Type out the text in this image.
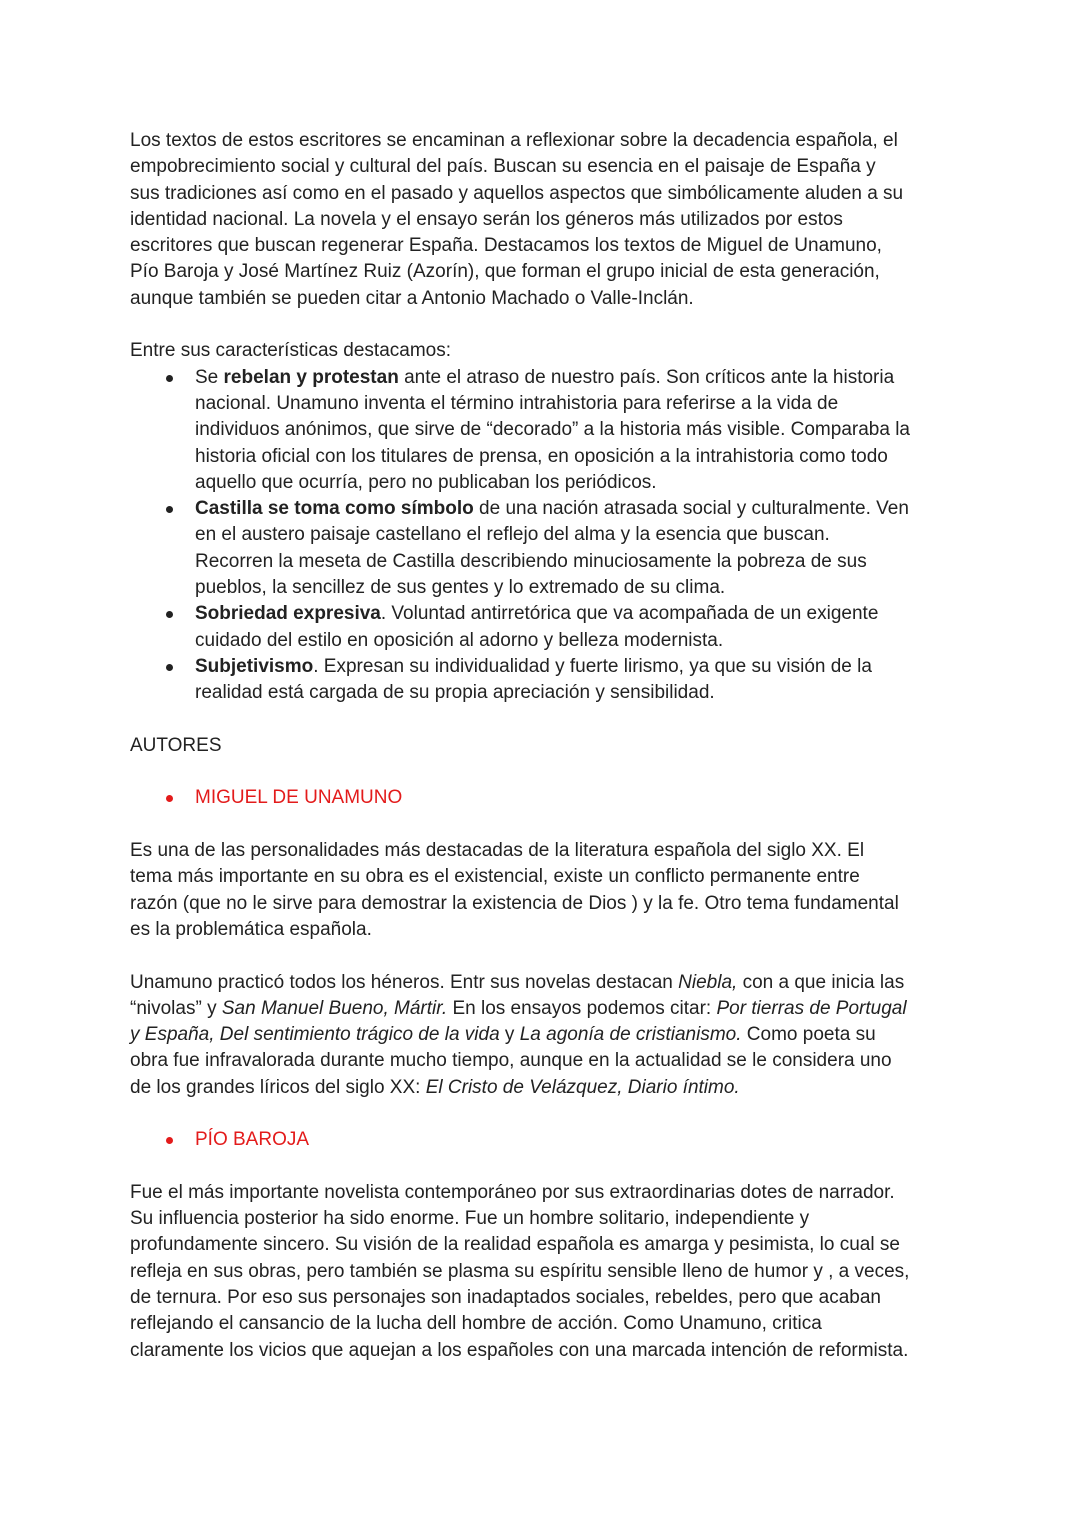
Los textos de estos escritores se encaminan a reflexionar sobre la decadencia española, el
empobrecimiento social y cultural del país. Buscan su esencia en el paisaje de España y
sus tradiciones así como en el pasado y aquellos aspectos que simbólicamente aluden a su
identidad nacional. La novela y el ensayo serán los géneros más utilizados por estos
escritores que buscan regenerar España. Destacamos los textos de Miguel de Unamuno,
Pío Baroja y José Martínez Ruiz (Azorín), que forman el grupo inicial de esta generación,
aunque también se pueden citar a Antonio Machado o Valle-Inclán.

Entre sus características destacamos:

Se rebelan y protestan ante el atraso de nuestro país. Son críticos ante la historia
nacional. Unamuno inventa el término intrahistoria para referirse a la vida de
individuos anónimos, que sirve de “decorado” a la historia más visible. Comparaba la
historia oficial con los titulares de prensa, en oposición a la intrahistoria como todo
aquello que ocurría, pero no publicaban los periódicos.
Castilla se toma como símbolo de una nación atrasada social y culturalmente. Ven
en el austero paisaje castellano el reflejo del alma y la esencia que buscan.
Recorren la meseta de Castilla describiendo minuciosamente la pobreza de sus
pueblos, la sencillez de sus gentes y lo extremado de su clima.
Sobriedad expresiva. Voluntad antirretórica que va acompañada de un exigente
cuidado del estilo en oposición al adorno y belleza modernista.
Subjetivismo. Expresan su individualidad y fuerte lirismo, ya que su visión de la
realidad está cargada de su propia apreciación y sensibilidad.

AUTORES

MIGUEL DE UNAMUNO

Es una de las personalidades más destacadas de la literatura española del siglo XX. El
tema más importante en su obra es el existencial, existe un conflicto permanente entre
razón (que no le sirve para demostrar la existencia de Dios ) y la fe. Otro tema fundamental
es la problemática española.

Unamuno practicó todos los héneros. Entr sus novelas destacan Niebla, con a que inicia las
“nivolas” y San Manuel Bueno, Mártir. En los ensayos podemos citar: Por tierras de Portugal
y España, Del sentimiento trágico de la vida y La agonía de cristianismo. Como poeta su
obra fue infravalorada durante mucho tiempo, aunque en la actualidad se le considera uno
de los grandes líricos del siglo XX: El Cristo de Velázquez, Diario íntimo.

PÍO BAROJA

Fue el más importante novelista contemporáneo por sus extraordinarias dotes de narrador.
Su influencia posterior ha sido enorme. Fue un hombre solitario, independiente y
profundamente sincero. Su visión de la realidad española es amarga y pesimista, lo cual se
refleja en sus obras, pero también se plasma su espíritu sensible lleno de humor y , a veces,
de ternura. Por eso sus personajes son inadaptados sociales, rebeldes, pero que acaban
reflejando el cansancio de la lucha dell hombre de acción. Como Unamuno, critica
claramente los vicios que aquejan a los españoles con una marcada intención de reformista.
